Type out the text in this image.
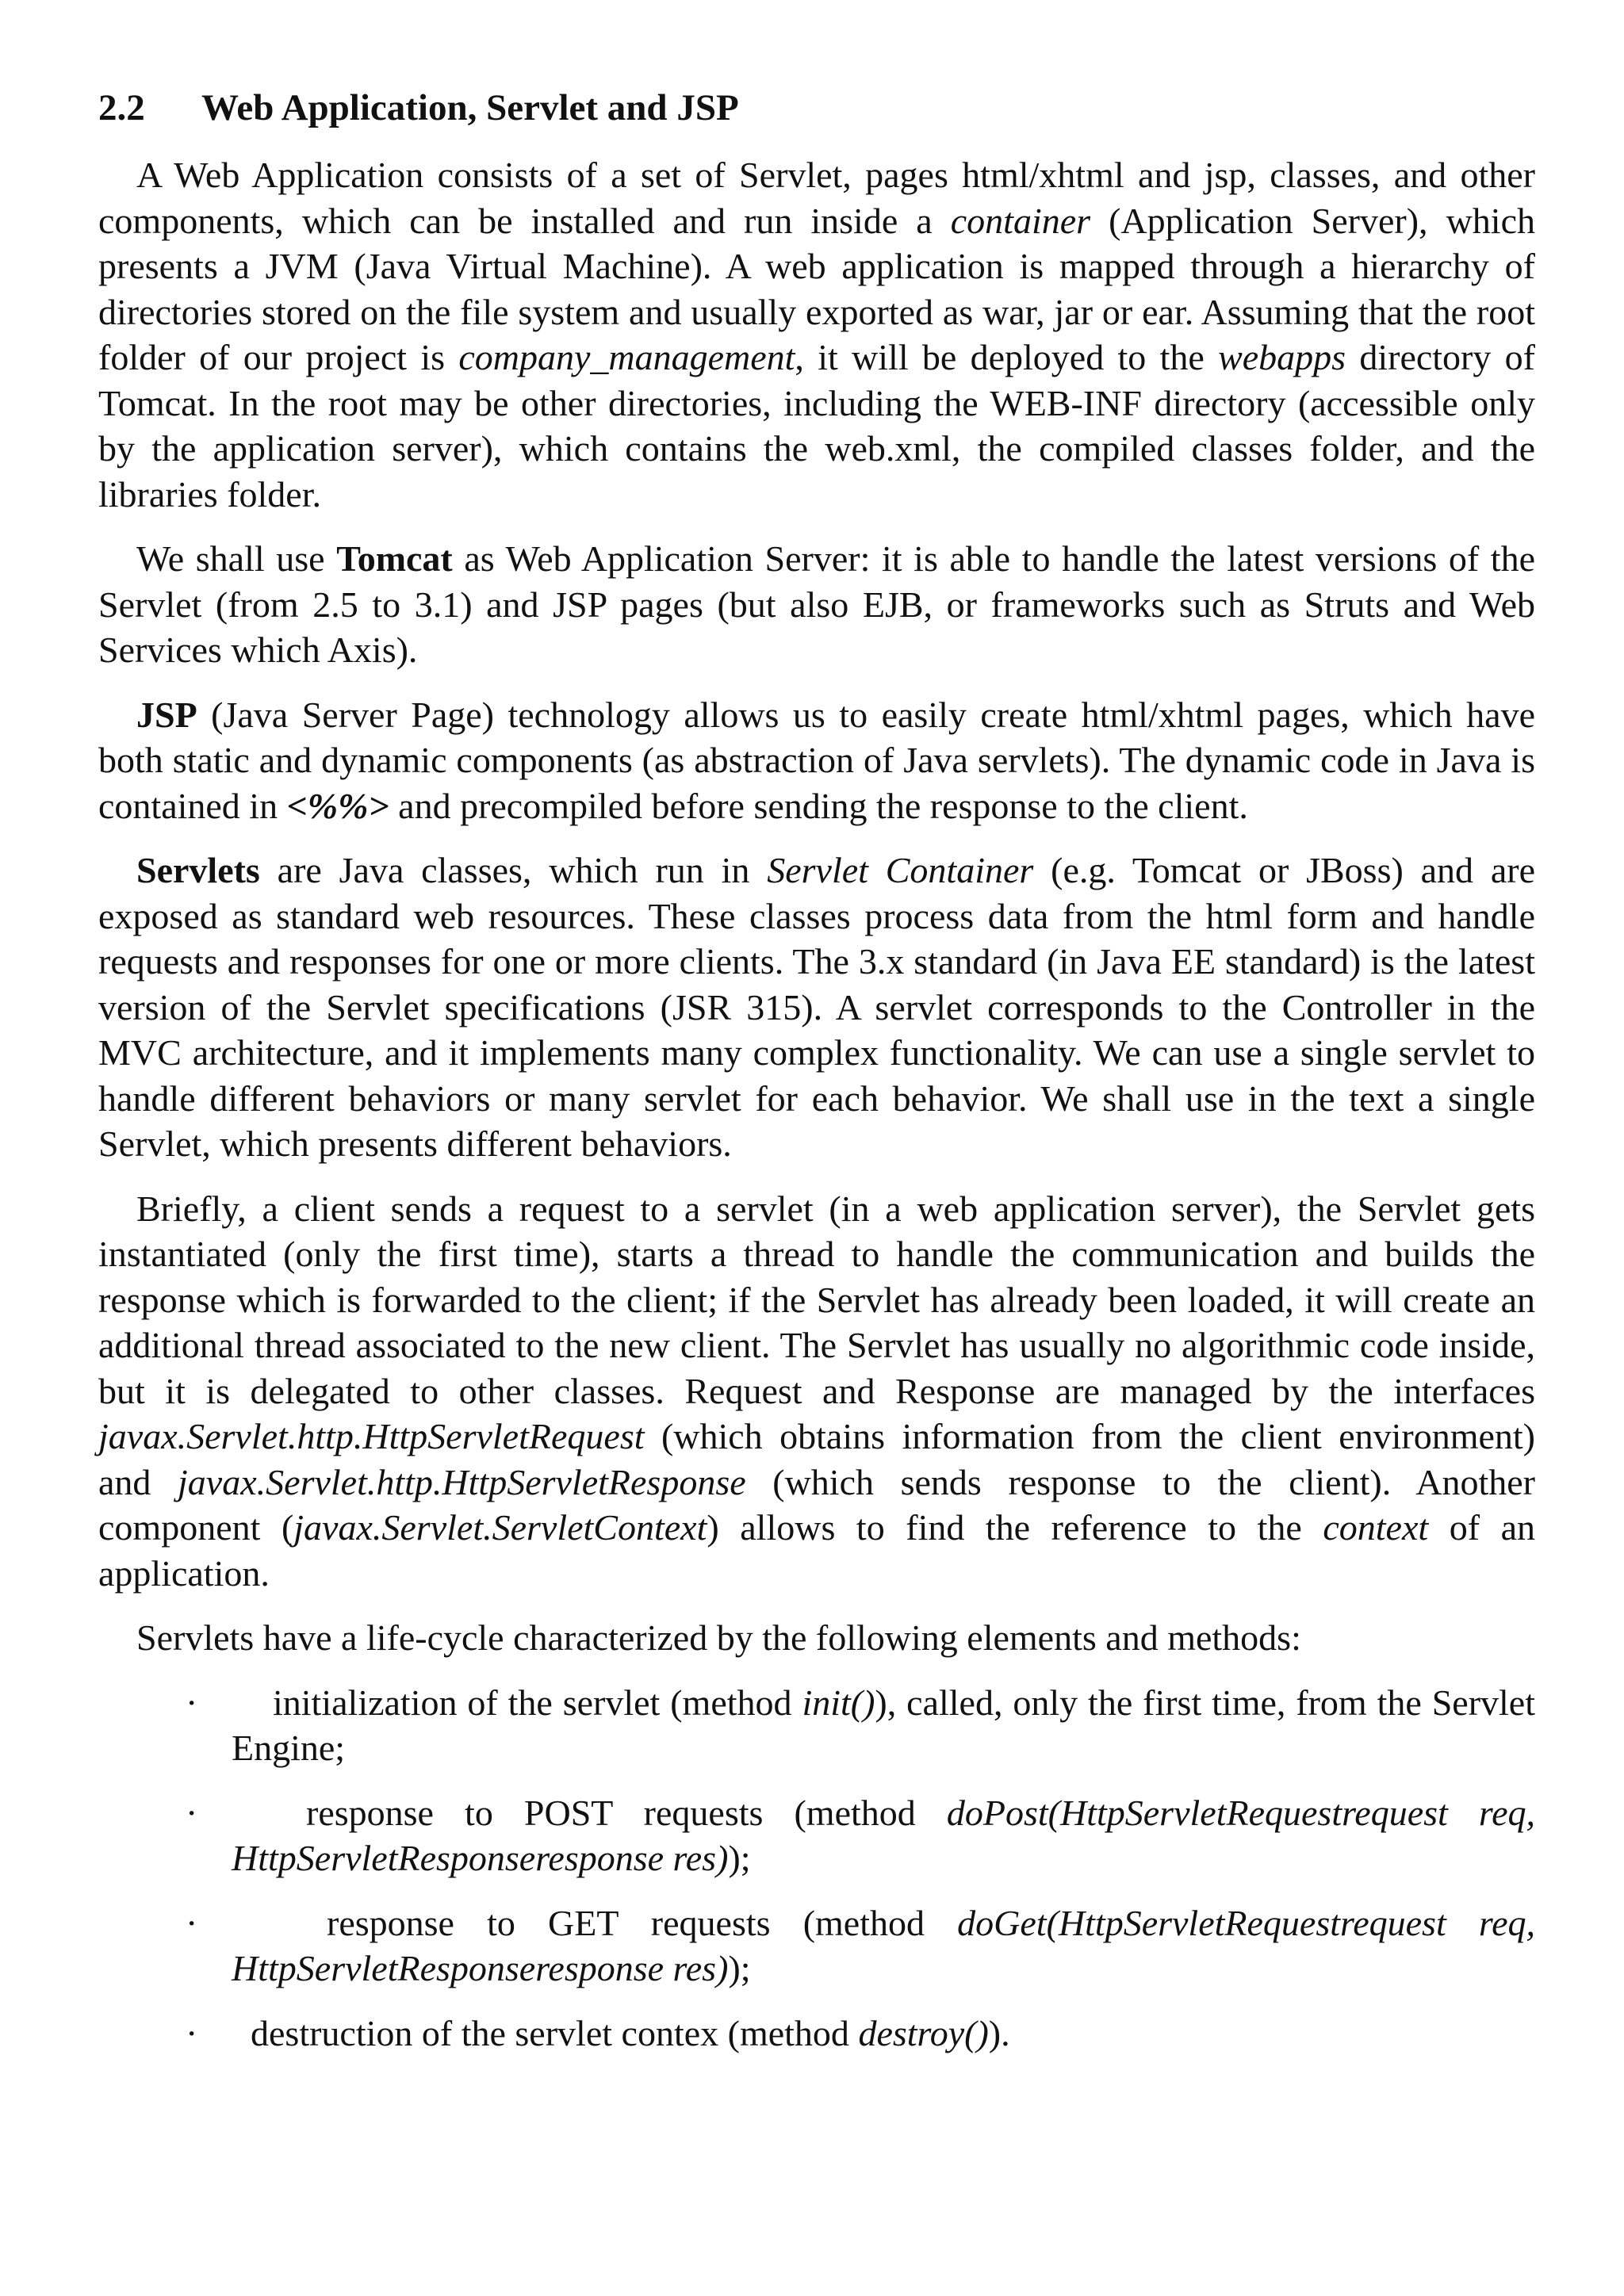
2.2	Web Application, Servlet and JSP

A Web Application consists of a set of Servlet, pages html/xhtml and jsp, classes, and other components, which can be installed and run inside a container (Application Server), which presents a JVM (Java Virtual Machine). A web application is mapped through a hierarchy of directories stored on the file system and usually exported as war, jar or ear. Assuming that the root folder of our project is company_management, it will be deployed to the webapps directory of Tomcat. In the root may be other directories, including the WEB-INF directory (accessible only by the application server), which contains the web.xml, the compiled classes folder, and the libraries folder.

We shall use Tomcat as Web Application Server: it is able to handle the latest versions of the Servlet (from 2.5 to 3.1) and JSP pages (but also EJB, or frameworks such as Struts and Web Services which Axis).

JSP (Java Server Page) technology allows us to easily create html/xhtml pages, which have both static and dynamic components (as abstraction of Java servlets). The dynamic code in Java is contained in <%%> and precompiled before sending the response to the client.

Servlets are Java classes, which run in Servlet Container (e.g. Tomcat or JBoss) and are exposed as standard web resources. These classes process data from the html form and handle requests and responses for one or more clients. The 3.x standard (in Java EE standard) is the latest version of the Servlet specifications (JSR 315). A servlet corresponds to the Controller in the MVC architecture, and it implements many complex functionality. We can use a single servlet to handle different behaviors or many servlet for each behavior. We shall use in the text a single Servlet, which presents different behaviors.

Briefly, a client sends a request to a servlet (in a web application server), the Servlet gets instantiated (only the first time), starts a thread to handle the communication and builds the response which is forwarded to the client; if the Servlet has already been loaded, it will create an additional thread associated to the new client. The Servlet has usually no algorithmic code inside, but it is delegated to other classes. Request and Response are managed by the interfaces javax.Servlet.http.HttpServletRequest (which obtains information from the client environment) and javax.Servlet.http.HttpServletResponse (which sends response to the client). Another component (javax.Servlet.ServletContext) allows to find the reference to the context of an application.

Servlets have a life-cycle characterized by the following elements and methods:

· initialization of the servlet (method init()), called, only the first time, from the Servlet Engine;
·	response to POST requests (method doPost(HttpServletRequestrequest req, HttpServletResponseresponse res));
·	response to GET requests (method doGet(HttpServletRequestrequest req, HttpServletResponseresponse res));
· destruction of the servlet contex (method destroy()).
